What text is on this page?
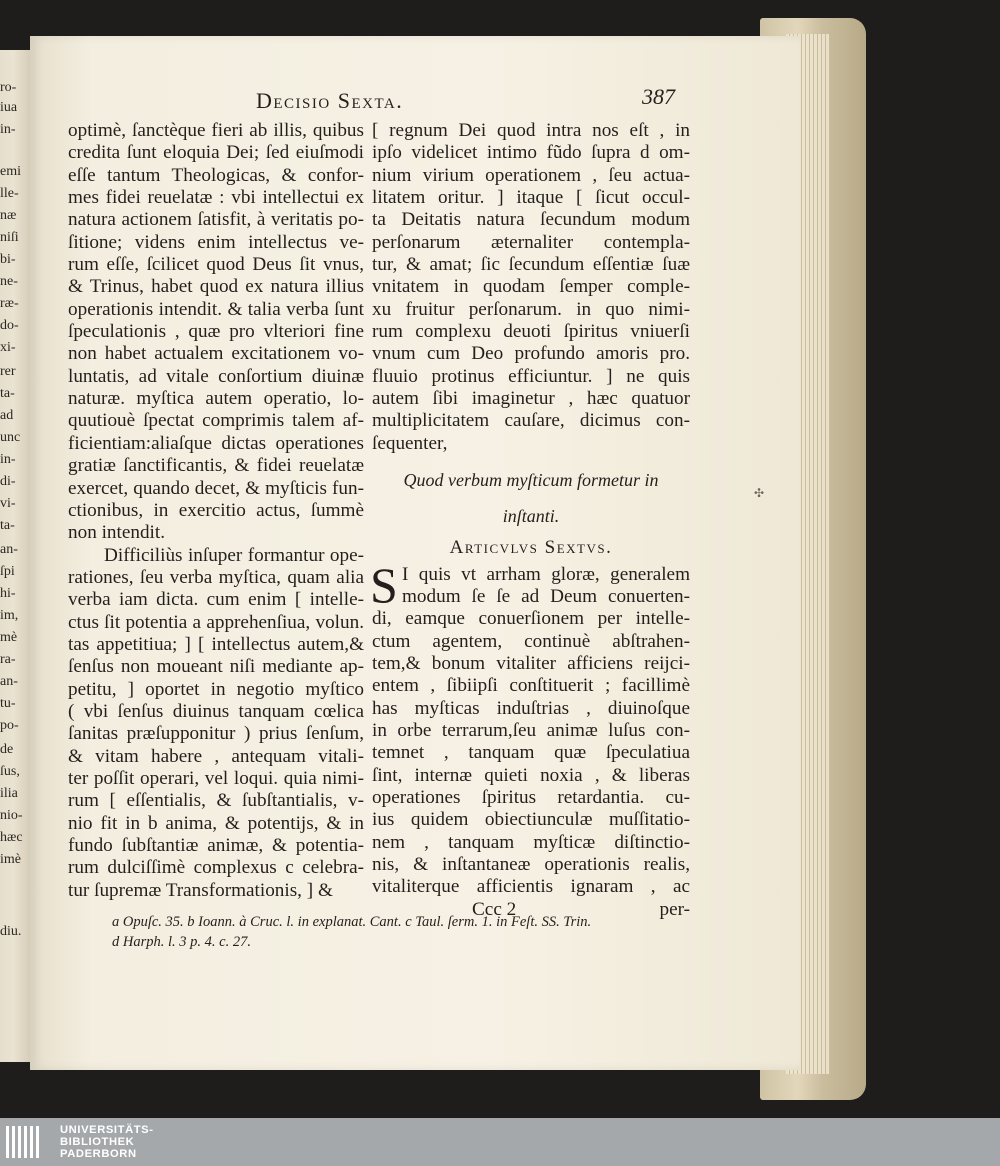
ro-
iua
in-
emi
lle-
næ
niſi
bi-
ne-
ræ-
do-
xi-
rer
ta-
ad
unc
in-
di-
vi-
ta-
an-
ſpi
hi-
im,
mè
ra-
an-
tu-
po-
de
ſus,
ilia
nio-
hæc
imè
diu.
Decisio Sexta.	387

optimè, ſanctèque fieri ab illis, quibus

credita ſunt eloquia Dei; ſed eiuſmodi

eſſe tantum Theologicas, & confor-

mes fidei reuelatæ : vbi intellectui ex

natura actionem ſatisfit, à veritatis po-

ſitione; videns enim intellectus ve-

rum eſſe, ſcilicet quod Deus ſit vnus,

& Trinus, habet quod ex natura illius

operationis intendit. & talia verba ſunt

ſpeculationis , quæ pro vlteriori fine

non habet actualem excitationem vo-

luntatis, ad vitale conſortium diuinæ

naturæ. myſtica autem operatio, lo-

quutiouè ſpectat comprimis talem af-

ficientiam:aliaſque dictas operationes

gratiæ ſanctificantis, & fidei reuelatæ

exercet, quando decet, & myſticis fun-

ctionibus, in exercitio actus, ſummè

non intendit.

Difficiliùs inſuper formantur ope-

rationes, ſeu verba myſtica, quam alia

verba iam dicta. cum enim [ intelle-

ctus ſit potentia a apprehenſiua, volun.

tas appetitiua; ] [ intellectus autem,&

ſenſus non moueant niſi mediante ap-

petitu, ] oportet in negotio myſtico

( vbi ſenſus diuinus tanquam cœlica

ſanitas præſupponitur ) prius ſenſum,

& vitam habere , antequam vitali-

ter poſſit operari, vel loqui. quia nimi-

rum [ eſſentialis, & ſubſtantialis, v-

nio fit in b anima, & potentijs, & in

fundo ſubſtantiæ animæ, & potentia-

rum dulciſſimè complexus c celebra-

tur ſupremæ Transformationis, ] &

[ regnum Dei quod intra nos eſt , in

ipſo videlicet intimo fũdo ſupra d om-

nium virium operationem , ſeu actua-

litatem oritur. ] itaque [ ſicut occul-

ta Deitatis natura ſecundum modum

perſonarum æternaliter contempla-

tur, & amat; ſic ſecundum eſſentiæ ſuæ

vnitatem in quodam ſemper comple-

xu fruitur perſonarum. in quo nimi-

rum complexu deuoti ſpiritus vniuerſi

vnum cum Deo profundo amoris pro.

fluuio protinus efficiuntur. ] ne quis

autem ſibi imaginetur , hæc quatuor

multiplicitatem cauſare, dicimus con-

ſequenter,

Quod verbum myſticum formetur in

inſtanti.

Articvlvs Sextvs.

S I quis vt arrham gloræ, generalem

modum ſe ſe ad Deum conuerten-

di, eamque conuerſionem per intelle-

ctum agentem, continuè abſtrahen-

tem,& bonum vitaliter afficiens reijci-

entem , ſibiipſi conſtituerit ; facillimè

has myſticas induſtrias , diuinoſque

in orbe terrarum,ſeu animæ luſus con-

temnet , tanquam quæ ſpeculatiua

ſint, internæ quieti noxia , & liberas

operationes ſpiritus retardantia. cu-

ius quidem obiectiunculæ muſſitatio-

nem , tanquam myſticæ diſtinctio-

nis, & inſtantaneæ operationis realis,

vitaliterque afficientis ignaram , ac

Ccc 2	per-

a Opuſc. 35. b Ioann. à Cruc. l. in explanat. Cant. c Taul. ſerm. 1. in Feſt. SS. Trin.
d Harph. l. 3 p. 4. c. 27.
✣
UNIVERSITÄTS-
BIBLIOTHEK
PADERBORN
